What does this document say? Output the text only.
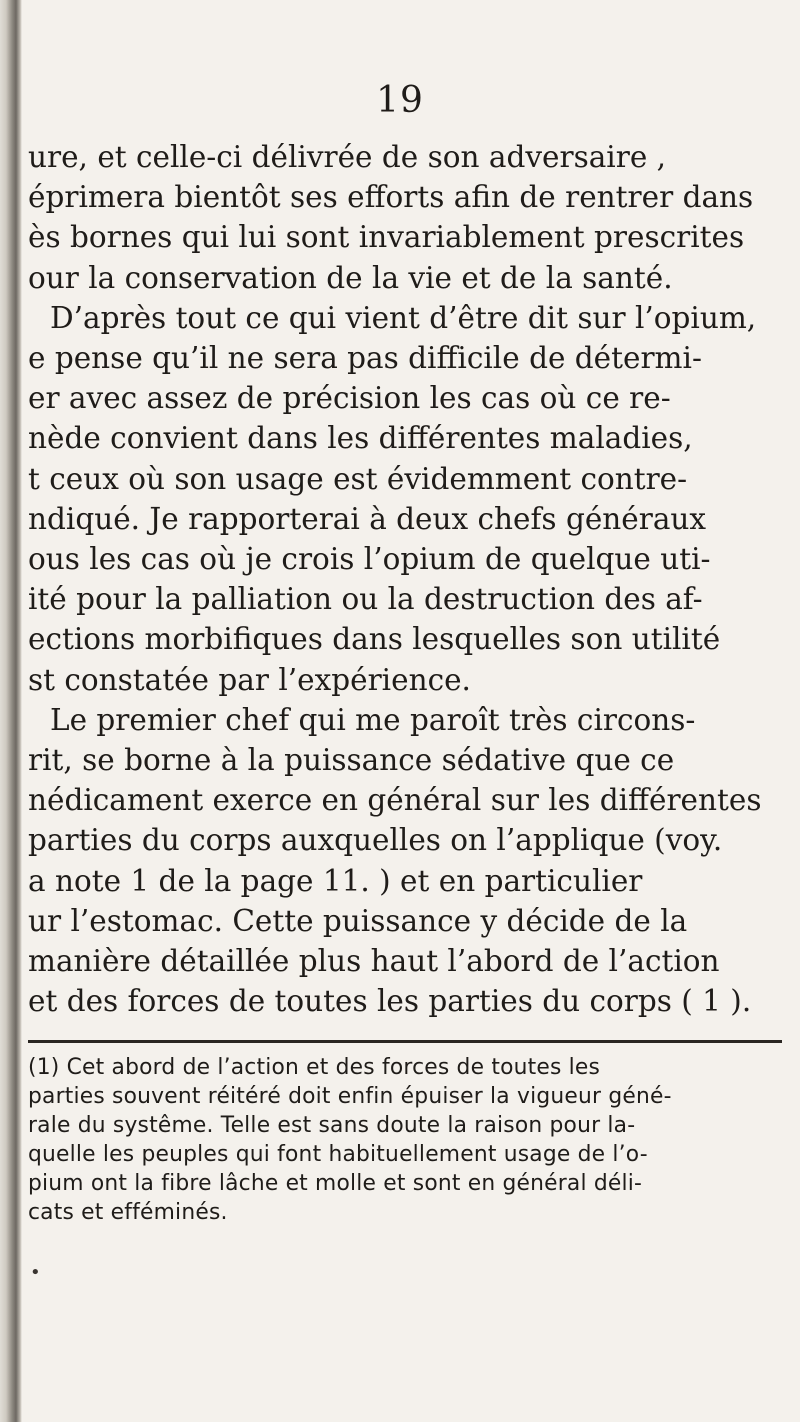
19
ure, et celle-ci délivrée de son adversaire ,
éprimera bientôt ses efforts afin de rentrer dans
ès bornes qui lui sont invariablement prescrites
our la conservation de la vie et de la santé.
D’après tout ce qui vient d’être dit sur l’opium,
e pense qu’il ne sera pas difficile de détermi-
er avec assez de précision les cas où ce re-
nède convient dans les différentes maladies,
t ceux où son usage est évidemment contre-
ndiqué. Je rapporterai à deux chefs généraux
ous les cas où je crois l’opium de quelque uti-
ité pour la palliation ou la destruction des af-
ections morbifiques dans lesquelles son utilité
st constatée par l’expérience.
Le premier chef qui me paroît très circons-
rit, se borne à la puissance sédative que ce
nédicament exerce en général sur les différentes
parties du corps auxquelles on l’applique (voy.
a note 1 de la page 11. ) et en particulier
ur l’estomac. Cette puissance y décide de la
manière détaillée plus haut l’abord de l’action
et des forces de toutes les parties du corps ( 1 ).
(1) Cet abord de l’action et des forces de toutes les
parties souvent réitéré doit enfin épuiser la vigueur géné-
rale du systême. Telle est sans doute la raison pour la-
quelle les peuples qui font habituellement usage de l’o-
pium ont la fibre lâche et molle et sont en général déli-
cats et efféminés.
•
